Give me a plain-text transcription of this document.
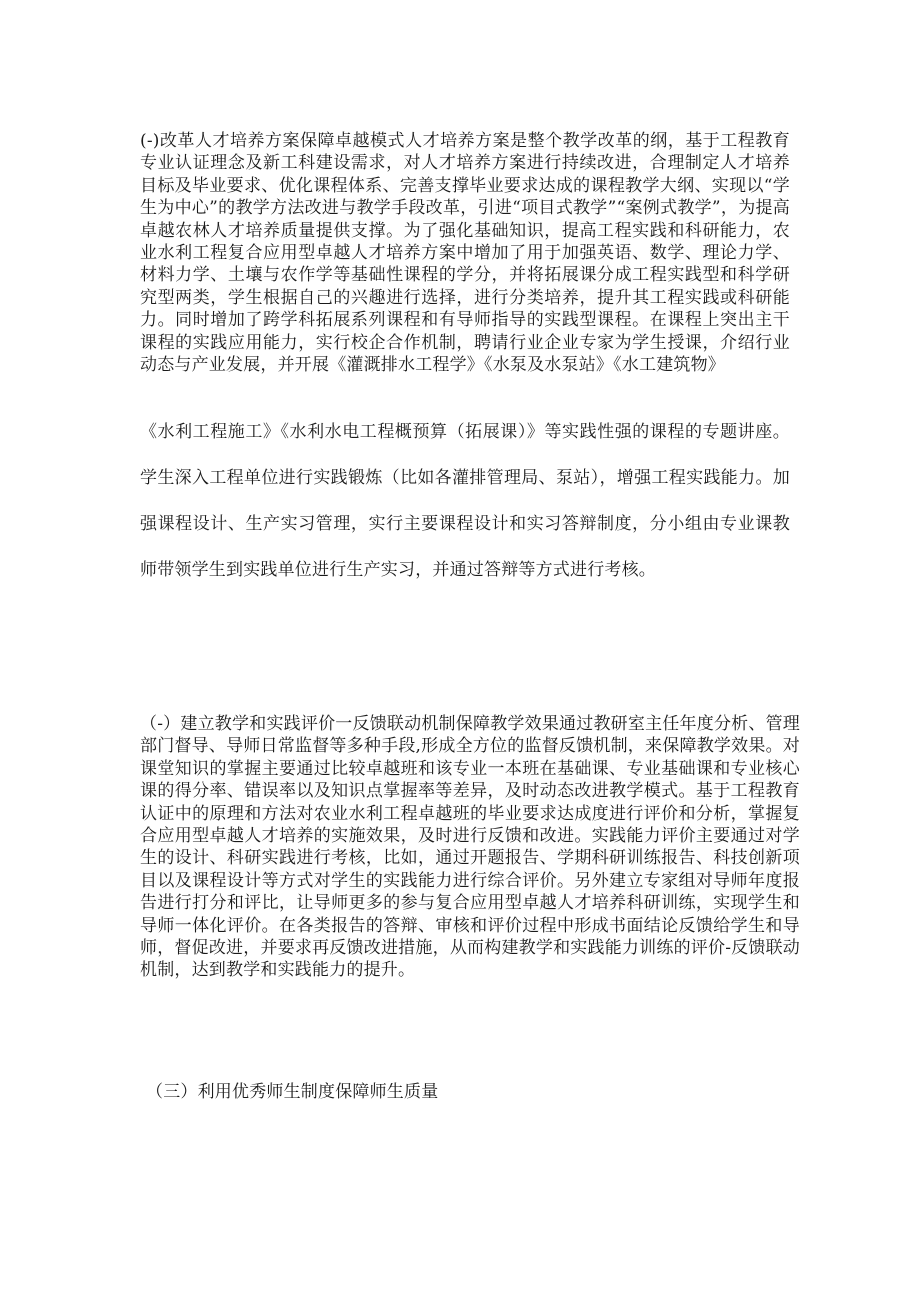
(-)改革人才培养方案保障卓越模式人才培养方案是整个教学改革的纲，基于工程教育专业认证理念及新工科建设需求，对人才培养方案进行持续改进，合理制定人才培养目标及毕业要求、优化课程体系、完善支撑毕业要求达成的课程教学大纲、实现以“学生为中心”的教学方法改进与教学手段改革，引进“项目式教学”“案例式教学”，为提高卓越农林人才培养质量提供支撑。为了强化基础知识，提高工程实践和科研能力，农业水利工程复合应用型卓越人才培养方案中增加了用于加强英语、数学、理论力学、材料力学、土壤与农作学等基础性课程的学分，并将拓展课分成工程实践型和科学研究型两类，学生根据自己的兴趣进行选择，进行分类培养，提升其工程实践或科研能力。同时增加了跨学科拓展系列课程和有导师指导的实践型课程。在课程上突出主干课程的实践应用能力，实行校企合作机制，聘请行业企业专家为学生授课，介绍行业动态与产业发展，并开展《灌溉排水工程学》《水泵及水泵站》《水工建筑物》

《水利工程施工》《水利水电工程概预算（拓展课）》等实践性强的课程的专题讲座。学生深入工程单位进行实践锻炼（比如各灌排管理局、泵站），增强工程实践能力。加强课程设计、生产实习管理，实行主要课程设计和实习答辩制度，分小组由专业课教师带领学生到实践单位进行生产实习，并通过答辩等方式进行考核。

（-）建立教学和实践评价一反馈联动机制保障教学效果通过教研室主任年度分析、管理部门督导、导师日常监督等多种手段,形成全方位的监督反馈机制，来保障教学效果。对课堂知识的掌握主要通过比较卓越班和该专业一本班在基础课、专业基础课和专业核心课的得分率、错误率以及知识点掌握率等差异，及时动态改进教学模式。基于工程教育认证中的原理和方法对农业水利工程卓越班的毕业要求达成度进行评价和分析，掌握复合应用型卓越人才培养的实施效果，及时进行反馈和改进。实践能力评价主要通过对学生的设计、科研实践进行考核，比如，通过开题报告、学期科研训练报告、科技创新项目以及课程设计等方式对学生的实践能力进行综合评价。另外建立专家组对导师年度报告进行打分和评比，让导师更多的参与复合应用型卓越人才培养科研训练，实现学生和导师一体化评价。在各类报告的答辩、审核和评价过程中形成书面结论反馈给学生和导师，督促改进，并要求再反馈改进措施，从而构建教学和实践能力训练的评价-反馈联动机制，达到教学和实践能力的提升。

（三）利用优秀师生制度保障师生质量
